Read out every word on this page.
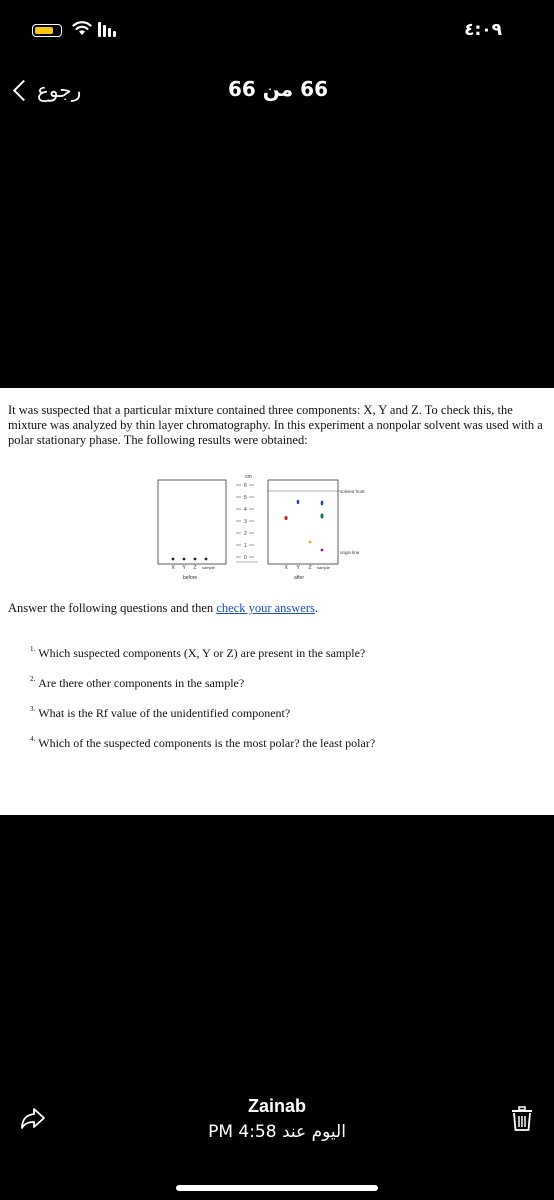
٤:٠٩
رجوع	66 من 66

It was suspected that a particular mixture contained three components: X, Y and Z. To check this, the mixture was analyzed by thin layer chromatography. In this experiment a nonpolar solvent was used with a polar stationary phase. The following results were obtained:

X Y Z sample
before
cm
6
5
4
3
2
1
0
solvent front
origin line
X Y Z sample
after

Answer the following questions and then check your answers.

1. Which suspected components (X, Y or Z) are present in the sample?
2. Are there other components in the sample?
3. What is the Rf value of the unidentified component?
4. Which of the suspected components is the most polar? the least polar?
Zainab
اليوم عند 4:58 PM
